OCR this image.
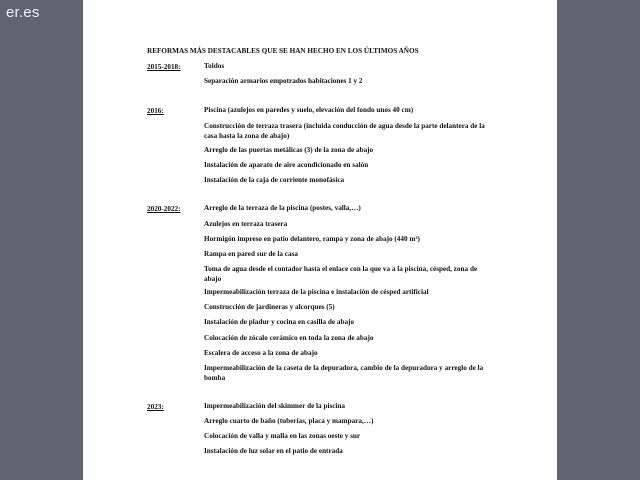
er.es
REFORMAS MÁS DESTACABLES QUE SE HAN HECHO EN LOS ÚLTIMOS AÑOS
2015-2018:	Toldos
Separación armarios empotrados habitaciones 1 y 2
2016:	Piscina (azulejos en paredes y suelo, elevación del fondo unos 40 cm)
Construcción de terraza trasera (incluida conducción de agua desde la parte delantera de la casa hasta la zona de abajo)
Arreglo de las puertas metálicas (3) de la zona de abajo
Instalación de aparato de aire acondicionado en salón
Instalación de la caja de corriente monofásica
2020-2022:	Arreglo de la terraza de la piscina (postes, valla,…)
Azulejos en terraza trasera
Hormigón impreso en patio delantero, rampa y zona de abajo (440 m²)
Rampa en pared sur de la casa
Toma de agua desde el contador hasta el enlace con la que va a la piscina, césped, zona de abajo
Impermeabilización terraza de la piscina e instalación de césped artificial
Construcción de jardineras y alcorques (5)
Instalación de pladur y cocina en casilla de abajo
Colocación de zócalo cerámico en toda la zona de abajo
Escalera de acceso a la zona de abajo
Impermeabilización de la caseta de la depuradora, cambio de la depuradora y arreglo de la bomba
2023:	Impermeabilización del skimmer de la piscina
Arreglo cuarto de baño (tuberías, placa y mampara,…)
Colocación de valla y malla en las zonas oeste y sur
Instalación de luz solar en el patio de entrada
